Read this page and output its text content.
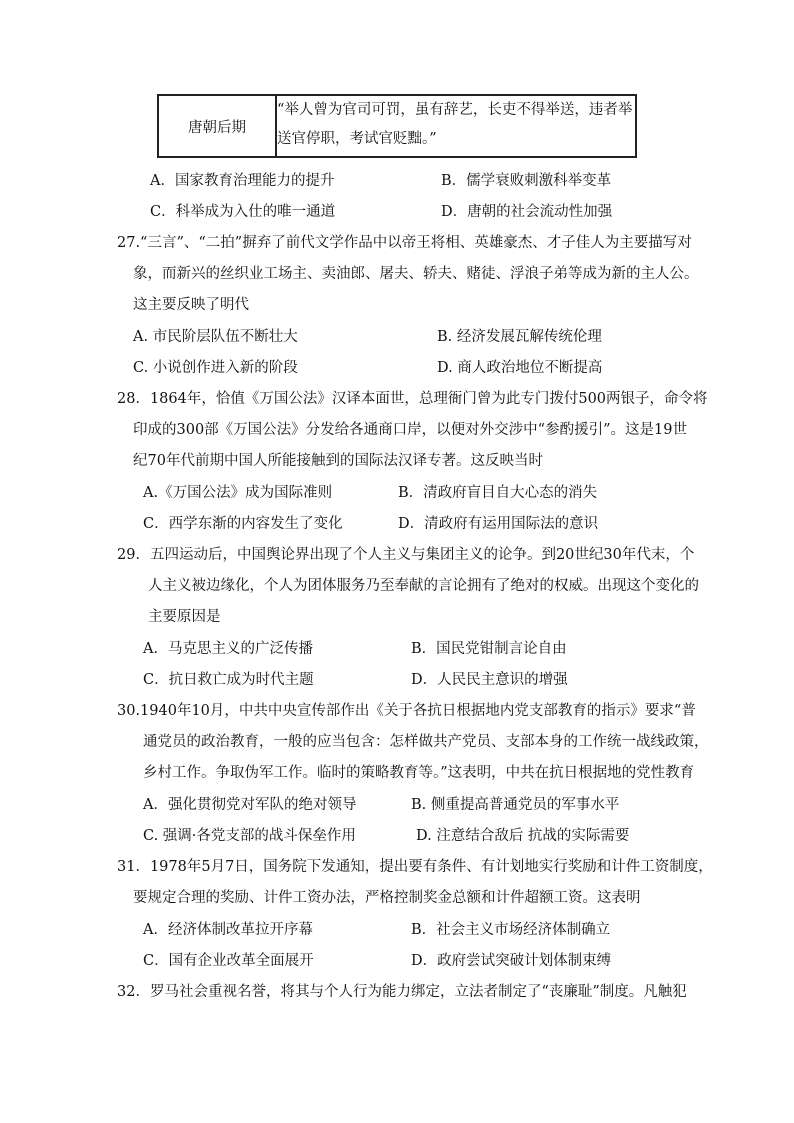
唐朝后期	
“举人曾为官司可罚，虽有辞艺，长吏不得举送，违者举
送官停职，考试官贬黜。”
A．国家教育治理能力的提升	B．儒学衰败刺激科举变革
C．科举成为入仕的唯一通道	D．唐朝的社会流动性加强
27.“三言”、“二拍”摒弃了前代文学作品中以帝王将相、英雄豪杰、才子佳人为主要描写对
象，而新兴的丝织业工场主、卖油郎、屠夫、轿夫、赌徒、浮浪子弟等成为新的主人公。
这主要反映了明代
A. 市民阶层队伍不断壮大	B. 经济发展瓦解传统伦理
C. 小说创作进入新的阶段	D. 商人政治地位不断提高
28．1864年，恰值《万国公法》汉译本面世，总理衙门曾为此专门拨付500两银子，命令将
印成的300部《万国公法》分发给各通商口岸，以便对外交涉中“参酌援引”。这是19世
纪70年代前期中国人所能接触到的国际法汉译专著。这反映当时
A.《万国公法》成为国际准则	B．清政府盲目自大心态的消失
C．西学东渐的内容发生了变化	D．清政府有运用国际法的意识
29．五四运动后，中国舆论界出现了个人主义与集团主义的论争。到20世纪30年代末，个
人主义被边缘化，个人为团体服务乃至奉献的言论拥有了绝对的权威。出现这个变化的
主要原因是
A．马克思主义的广泛传播	B．国民党钳制言论自由
C．抗日救亡成为时代主题	D．人民民主意识的增强
30.1940年10月，中共中央宣传部作出《关于各抗日根据地内党支部教育的指示》要求“普
通党员的政治教育，一般的应当包含：怎样做共产党员、支部本身的工作统一战线政策，
乡村工作。争取伪军工作。临时的策略教育等。”这表明，中共在抗日根据地的党性教育
A．强化贯彻党对军队的绝对领导	B. 侧重提高普通党员的军事水平
C. 强调·各党支部的战斗保垒作用	D. 注意结合敌后 抗战的实际需要
31．1978年5月7日，国务院下发通知，提出要有条件、有计划地实行奖励和计件工资制度，
要规定合理的奖励、计件工资办法，严格控制奖金总额和计件超额工资。这表明
A．经济体制改革拉开序幕	B．社会主义市场经济体制确立
C．国有企业改革全面展开	D．政府尝试突破计划体制束缚
32．罗马社会重视名誉，将其与个人行为能力绑定，立法者制定了“丧廉耻”制度。凡触犯
